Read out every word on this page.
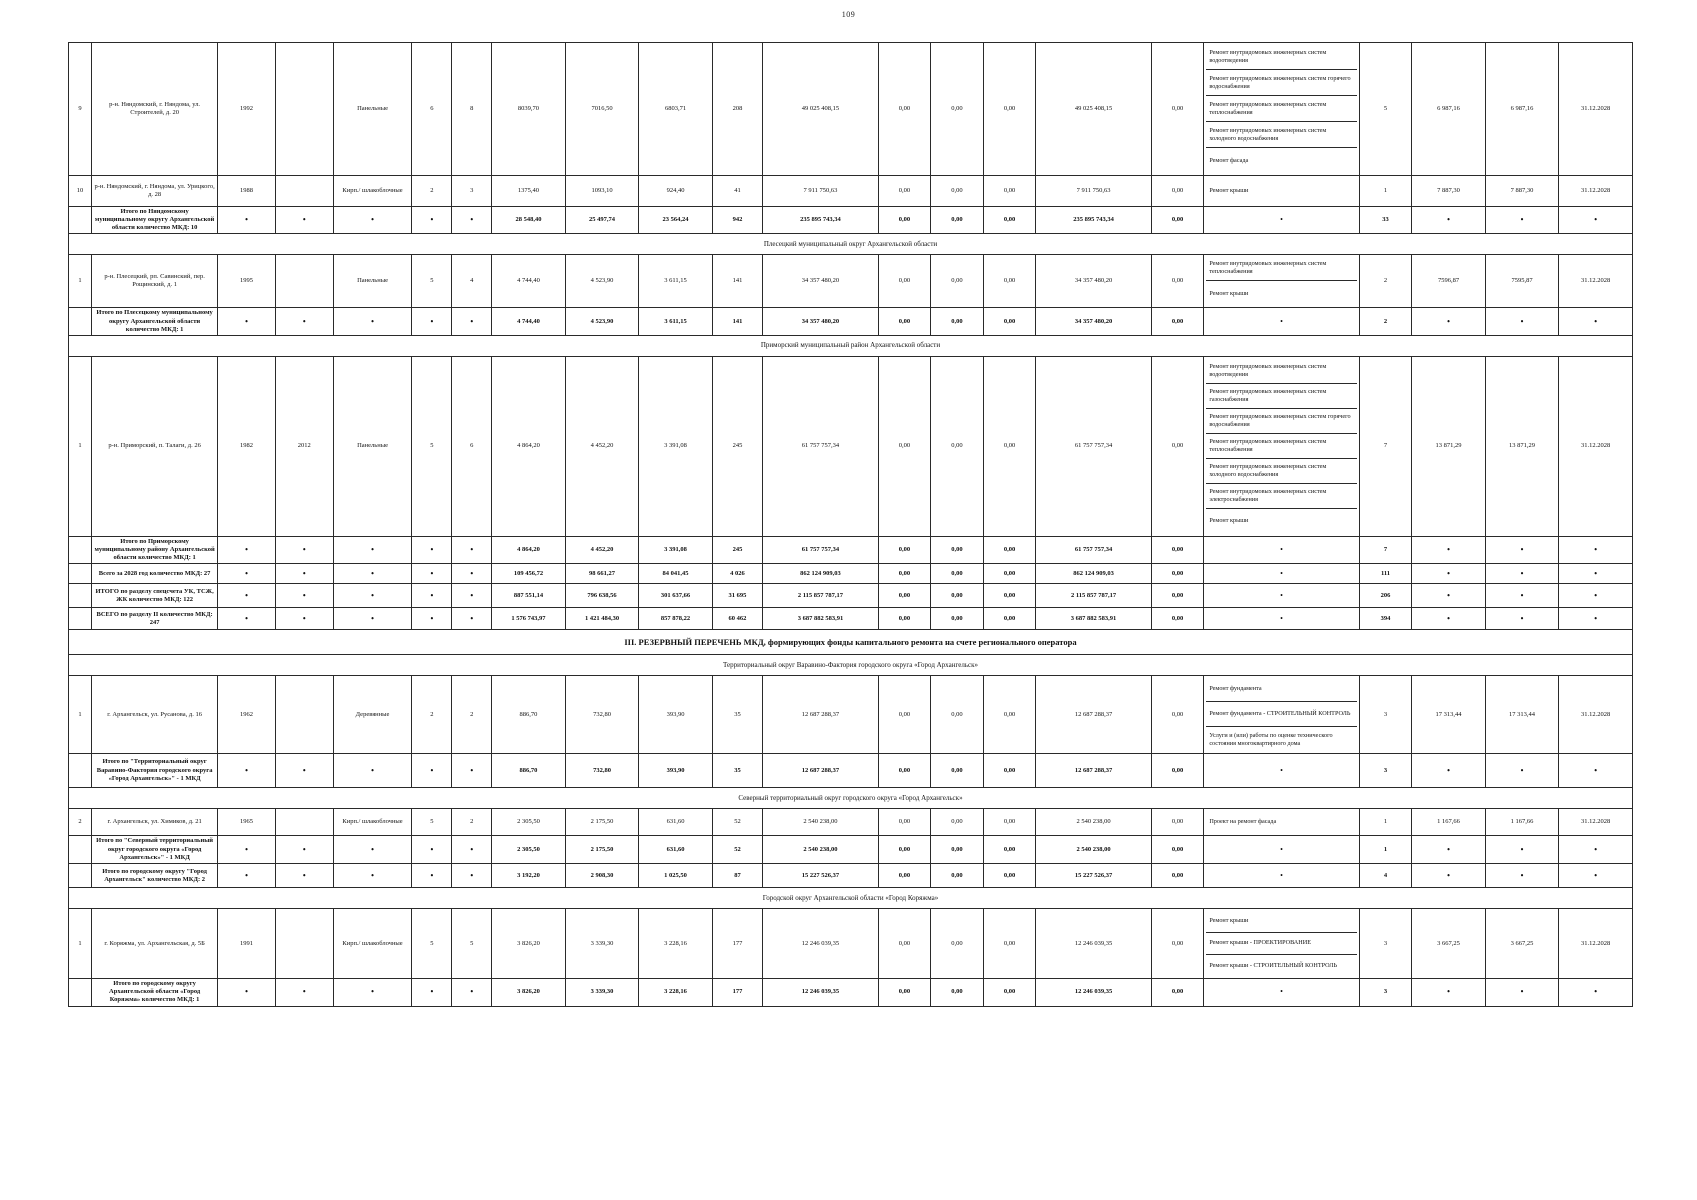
109
9	р-н. Няндомский, г. Няндома, ул. Строителей, д. 20	1992		Панельные	6	8	8039,70	7016,50	6803,71	208	49 025 408,15	0,00	0,00	0,00	49 025 408,15	0,00	Ремонт внутридомовых инженерных систем водоотведения
Ремонт внутридомовых инженерных систем горячего водоснабжения
Ремонт внутридомовых инженерных систем теплоснабжения
Ремонт внутридомовых инженерных систем холодного водоснабжения
Ремонт фасада	5	6 987,16	6 987,16	31.12.2028
10	р-н. Няндомский, г. Няндома, ул. Урицкого, д. 28	1988		Кирп./ шлакоблочные	2	3	1375,40	1093,10	924,40	41	7 911 750,63	0,00	0,00	0,00	7 911 750,63	0,00	Ремонт крыши	1	7 887,30	7 887,30	31.12.2028
	Итого по Няндомскому муниципальному округу Архангельской области количество МКД: 10	•	•	•	•	•	28 548,40	25 497,74	23 564,24	942	235 895 743,34	0,00	0,00	0,00	235 895 743,34	0,00	•	33	•	•	•
Плесецкий муниципальный округ Архангельской области																					
1	р-н. Плесецкий, рп. Савинский, пер. Рощинский, д. 1	1995		Панельные	5	4	4 744,40	4 523,90	3 611,15	141	34 357 480,20	0,00	0,00	0,00	34 357 480,20	0,00	Ремонт внутридомовых инженерных систем теплоснабжения
Ремонт крыши	2	7596,87	7595,87	31.12.2028
	Итого по Плесецкому муниципальному округу Архангельской области количество МКД: 1	•	•	•	•	•	4 744,40	4 523,90	3 611,15	141	34 357 480,20	0,00	0,00	0,00	34 357 480,20	0,00	•	2	•	•	•
Приморский муниципальный район Архангельской области																					
1	р-н. Приморский, п. Талаги, д. 26	1982	2012	Панельные	5	6	4 864,20	4 452,20	3 391,08	245	61 757 757,34	0,00	0,00	0,00	61 757 757,34	0,00	
Ремонт внутридомовых инженерных систем водоотведения
Ремонт внутридомовых инженерных систем газоснабжения
Ремонт внутридомовых инженерных систем горячего водоснабжения
Ремонт внутридомовых инженерных систем теплоснабжения
Ремонт внутридомовых инженерных систем холодного водоснабжения
Ремонт внутридомовых инженерных систем электроснабжения
Ремонт крыши
	7	13 871,29	13 871,29	31.12.2028
	Итого по Приморскому муниципальному району Архангельской области количество МКД: 1	•	•	•	•	•	4 864,20	4 452,20	3 391,08	245	61 757 757,34	0,00	0,00	0,00	61 757 757,34	0,00	•	7	•	•	•
	Всего за 2028 год количество МКД: 27	•	•	•	•	•	109 456,72	98 661,27	84 041,45	4 026	862 124 909,03	0,00	0,00	0,00	862 124 909,03	0,00	•	111	•	•	•
	ИТОГО по разделу спецсчета УК, ТСЖ, ЖК количество МКД: 122	•	•	•	•	•	887 551,14	796 638,56	301 637,66	31 695	2 115 857 787,17	0,00	0,00	0,00	2 115 857 787,17	0,00	•	206	•	•	•
	ВСЕГО по разделу II количество МКД: 247	•	•	•	•	•	1 576 743,97	1 421 484,30	857 878,22	60 462	3 687 882 583,91	0,00	0,00	0,00	3 687 882 583,91	0,00	•	394	•	•	•
III. РЕЗЕРВНЫЙ ПЕРЕЧЕНЬ МКД, формирующих фонды капитального ремонта на счете регионального оператора																					
Территориальный округ Варавино-Фактория городского округа «Город Архангельск»																					
1	г. Архангельск, ул. Русанова, д. 16	1962		Деревянные	2	2	886,70	732,80	393,90	35	12 687 288,37	0,00	0,00	0,00	12 687 288,37	0,00	Ремонт фундамента
Ремонт фундамента - СТРОИТЕЛЬНЫЙ КОНТРОЛЬ
Услуги и (или) работы по оценке технического состояния многоквартирного дома	3	17 313,44	17 313,44	31.12.2028
	Итого по "Территориальный округ Варавино-Фактория городского округа «Город Архангельск»" - 1 МКД	•	•	•	•	•	886,70	732,80	393,90	35	12 687 288,37	0,00	0,00	0,00	12 687 288,37	0,00	•	3	•	•	•
Северный территориальный округ городского округа «Город Архангельск»																					
2	г. Архангельск, ул. Химиков, д. 21	1965		Кирп./ шлакоблочные	5	2	2 305,50	2 175,50	631,60	52	2 540 238,00	0,00	0,00	0,00	2 540 238,00	0,00	Проект на ремонт фасада	1	1 167,66	1 167,66	31.12.2028
	Итого по "Северный территориальный округ городского округа «Город Архангельск»" - 1 МКД	•	•	•	•	•	2 305,50	2 175,50	631,60	52	2 540 238,00	0,00	0,00	0,00	2 540 238,00	0,00	•	1	•	•	•
	Итого по городскому округу "Город Архангельск" количество МКД: 2	•	•	•	•	•	3 192,20	2 908,30	1 025,50	87	15 227 526,37	0,00	0,00	0,00	15 227 526,37	0,00	•	4	•	•	•
Городской округ Архангельской области «Город Коряжма»																					
1	г. Коряжма, ул. Архангельская, д. 5Б	1991		Кирп./ шлакоблочные	5	5	3 826,20	3 339,30	3 228,16	177	12 246 039,35	0,00	0,00	0,00	12 246 039,35	0,00	Ремонт крыши
Ремонт крыши - ПРОЕКТИРОВАНИЕ
Ремонт крыши - СТРОИТЕЛЬНЫЙ КОНТРОЛЬ	3	3 667,25	3 667,25	31.12.2028
	Итого по городскому округу Архангельской области «Город Коряжма» количество МКД: 1	•	•	•	•	•	3 826,20	3 339,30	3 228,16	177	12 246 039,35	0,00	0,00	0,00	12 246 039,35	0,00	•	3	•	•	•
